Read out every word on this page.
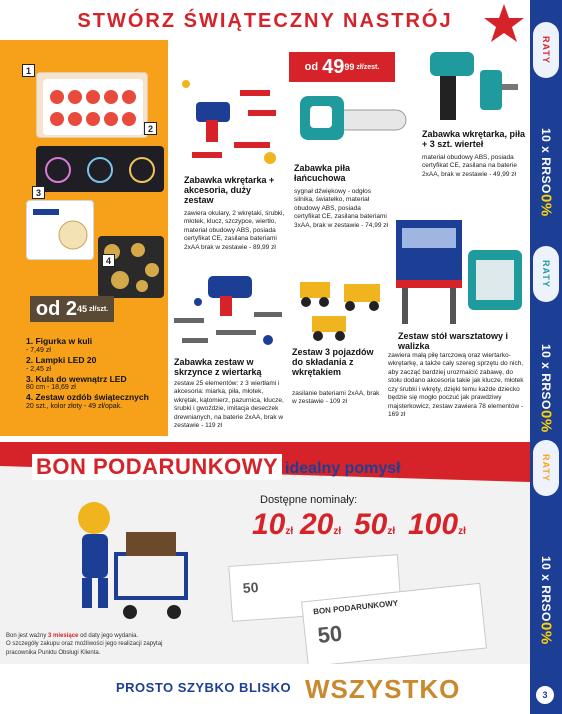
STWÓRZ ŚWIĄTECZNY NASTRÓJ
RATY
10 x RRSO
0%
RATY
10 x RRSO
0%
RATY
10 x RRSO
0%
1
2
3
4
od 2 45 zł/szt.
1. Figurka w kuli
- 7,49 zł
2. Lampki LED 20
- 2,45 zł
3. Kula do wewnątrz LED
80 cm - 18,69 zł
4. Zestaw ozdób świątecznych
20 szt., kolor złoty - 49 zł/opak.
od 49 99 zł/zest.
Zabawka wkrętarka + akcesoria, duży zestaw
zawiera okulary, 2 wkrętaki, śrubki, młotek, klucz, szczypce, wiertło, materiał obudowy ABS, posiada certyfikat CE, zasilana bateriami 2xAA brak w zestawie - 89,99 zł
Zabawka piła łańcuchowa
sygnał dźwiękowy - odgłos silnika, światełko, materiał obudowy ABS, posiada certyfikat CE, zasilana bateriami 3xAA, brak w zestawie - 74,99 zł
Zabawka wkrętarka, piła + 3 szt. wierteł
materiał obudowy ABS, posiada certyfikat CE, zasilana na baterie 2xAA, brak w zestawie - 49,99 zł
Zabawka zestaw w skrzynce z wiertarką
zestaw 25 elementów: z 3 wiertłami i akcesoria: miarka, piła, młotek, wkrętak, kątomierz, pazurnica, klucze, śrubki i gwoździe, imitacja deseczek drewnianych, na baterie 2xAA, brak w zestawie - 119 zł
Zestaw 3 pojazdów do składania z wkrętakiem
zasilanie bateriami 2xAA, brak w zestawie - 109 zł
Zestaw stół warsztatowy i walizka
zawiera małą piłę tarczową oraz wiertarko-wkrętarkę, a także cały szereg sprzętu do nich, aby zacząć bardziej urozmaicić zabawę, do stołu dodano akcesoria takie jak klucze, młotek czy śrubki i wkręty, dzięki temu każde dziecko będzie się mogło poczuć jak prawdziwy majsterkowicz, zestaw zawiera 78 elementów - 169 zł
BON PODARUNKOWY idealny pomysł na prezent!
Dostępne nominały:
10zł 20zł 50zł 100zł
50
BON PODARUNKOWY
50
Bon jest ważny 3 miesiące od daty jego wydania.
O szczegóły zakupu oraz możliwości jego realizacji zapytaj pracownika Punktu Obsługi Klienta.
PROSTO SZYBKO BLISKO WSZYSTKO	3
